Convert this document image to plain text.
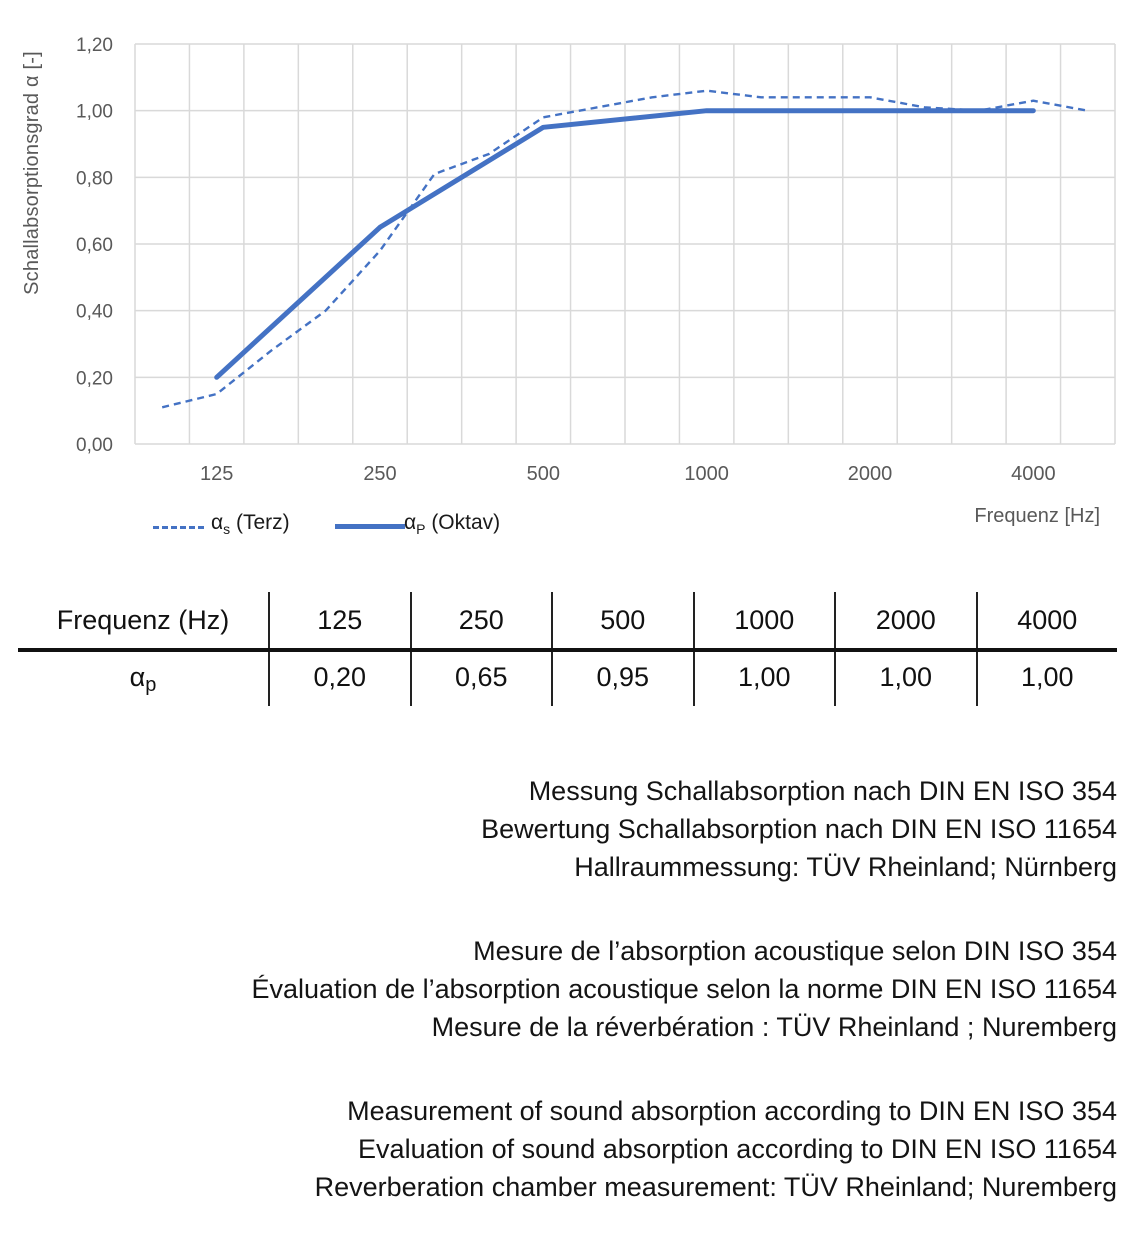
0,00
0,20
0,40
0,60
0,80
1,00
1,20
125	250	500	1000	2000	4000
Schallabsorptionsgrad α [-]
$\alpha_s$ (Terz)	$\alpha_P$ (Oktav)	Frequenz [Hz]
Frequenz (Hz)	125	250	500	1000	2000	4000
α p	0,20	0,65	0,95	1,00	1,00	1,00
Messung Schallabsorption nach DIN EN ISO 354
Bewertung Schallabsorption nach DIN EN ISO 11654
Hallraummessung: TÜV Rheinland; Nürnberg
Mesure de l’absorption acoustique selon DIN ISO 354
Évaluation de l’absorption acoustique selon la norme DIN EN ISO 11654
Mesure de la réverbération : TÜV Rheinland ; Nuremberg
Measurement of sound absorption according to DIN EN ISO 354
Evaluation of sound absorption according to DIN EN ISO 11654
Reverberation chamber measurement: TÜV Rheinland; Nuremberg
